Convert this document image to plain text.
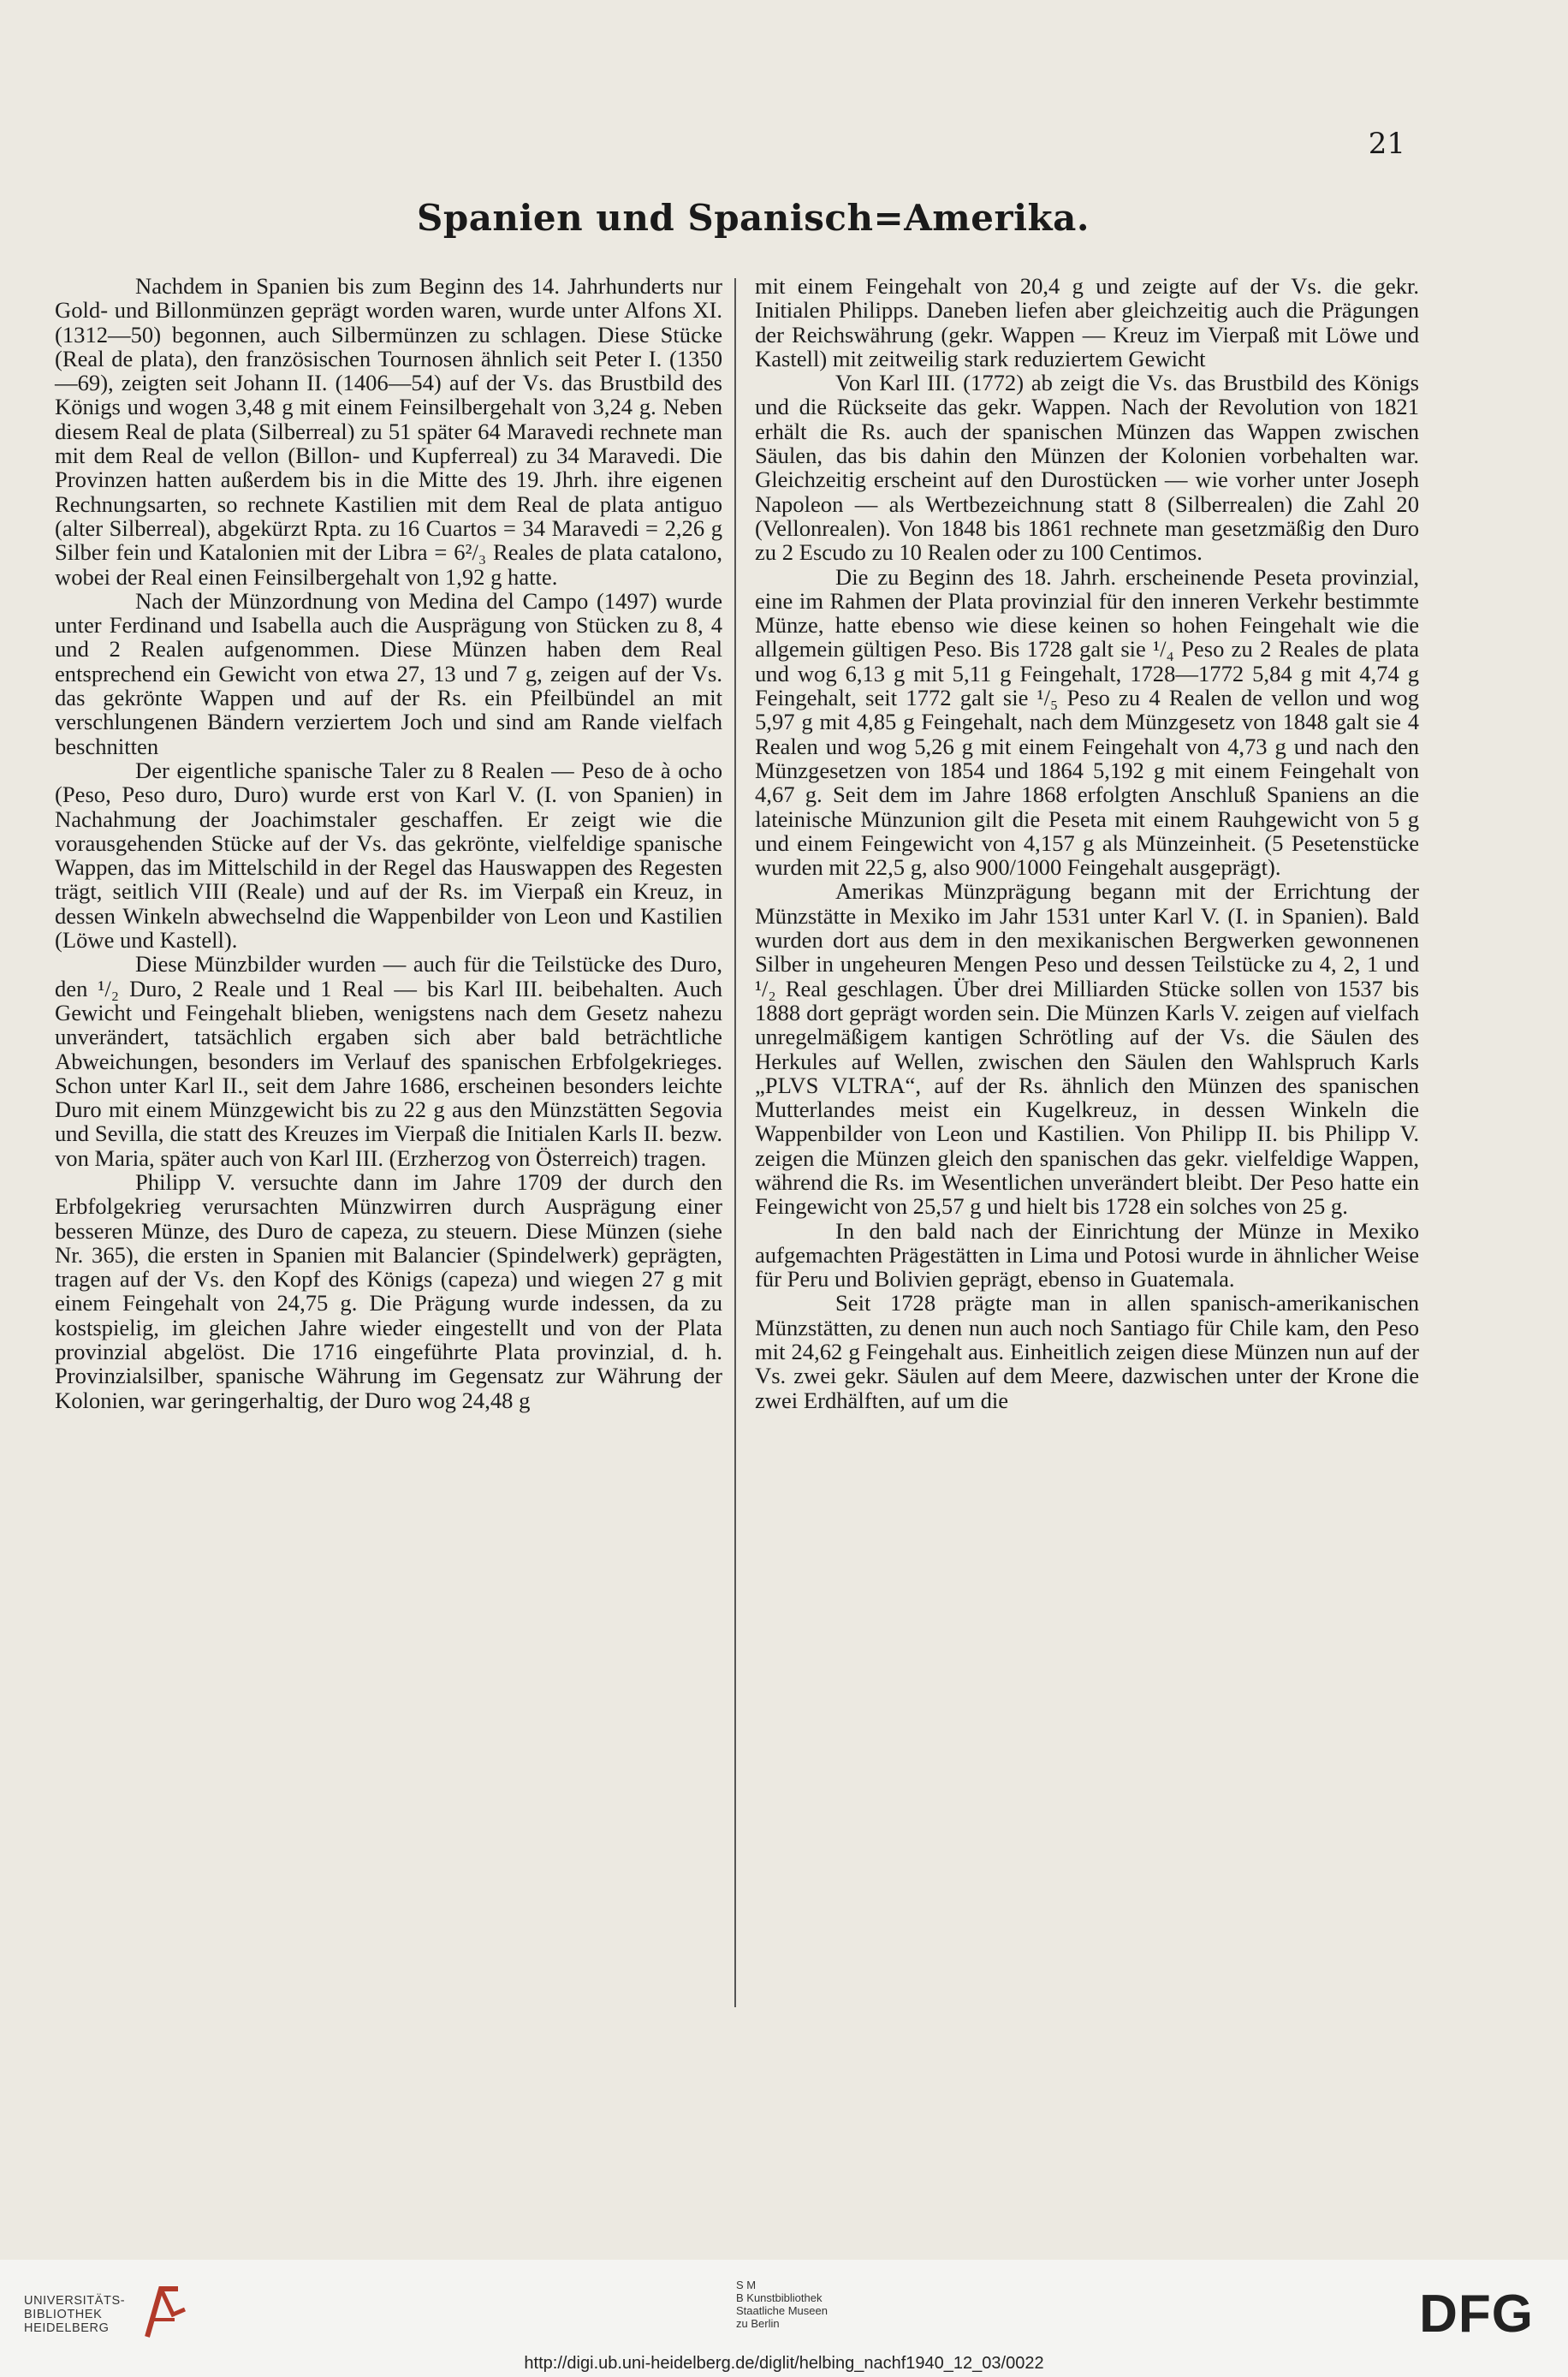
21
Spanien und Spanisch=Amerika.

Nachdem in Spanien bis zum Beginn des 14. Jahrhunderts nur Gold- und Billonmünzen geprägt worden waren, wurde unter Alfons XI. (1312—50) begonnen, auch Silbermünzen zu schlagen. Diese Stücke (Real de plata), den französischen Tournosen ähnlich seit Peter I. (1350—69), zeigten seit Johann II. (1406—54) auf der Vs. das Brustbild des Königs und wogen 3,48 g mit einem Feinsilbergehalt von 3,24 g. Neben diesem Real de plata (Silberreal) zu 51 später 64 Maravedi rechnete man mit dem Real de vellon (Billon- und Kupferreal) zu 34 Maravedi. Die Provinzen hatten außerdem bis in die Mitte des 19. Jhrh. ihre eigenen Rechnungsarten, so rechnete Kastilien mit dem Real de plata antiguo (alter Silberreal), abgekürzt Rpta. zu 16 Cuartos = 34 Maravedi = 2,26 g Silber fein und Katalonien mit der Libra = 6²/₃ Reales de plata catalono, wobei der Real einen Feinsilbergehalt von 1,92 g hatte.

Nach der Münzordnung von Medina del Campo (1497) wurde unter Ferdinand und Isabella auch die Ausprägung von Stücken zu 8, 4 und 2 Realen aufgenommen. Diese Münzen haben dem Real entsprechend ein Gewicht von etwa 27, 13 und 7 g, zeigen auf der Vs. das gekrönte Wappen und auf der Rs. ein Pfeilbündel an mit verschlungenen Bändern verziertem Joch und sind am Rande vielfach beschnitten

Der eigentliche spanische Taler zu 8 Realen — Peso de à ocho (Peso, Peso duro, Duro) wurde erst von Karl V. (I. von Spanien) in Nachahmung der Joachimstaler geschaffen. Er zeigt wie die vorausgehenden Stücke auf der Vs. das gekrönte, vielfeldige spanische Wappen, das im Mittelschild in der Regel das Hauswappen des Regesten trägt, seitlich VIII (Reale) und auf der Rs. im Vierpaß ein Kreuz, in dessen Winkeln abwechselnd die Wappenbilder von Leon und Kastilien (Löwe und Kastell).

Diese Münzbilder wurden — auch für die Teilstücke des Duro, den ¹/₂ Duro, 2 Reale und 1 Real — bis Karl III. beibehalten. Auch Gewicht und Feingehalt blieben, wenigstens nach dem Gesetz nahezu unverändert, tatsächlich ergaben sich aber bald beträchtliche Abweichungen, besonders im Verlauf des spanischen Erbfolgekrieges. Schon unter Karl II., seit dem Jahre 1686, erscheinen besonders leichte Duro mit einem Münzgewicht bis zu 22 g aus den Münzstätten Segovia und Sevilla, die statt des Kreuzes im Vierpaß die Initialen Karls II. bezw. von Maria, später auch von Karl III. (Erzherzog von Österreich) tragen.

Philipp V. versuchte dann im Jahre 1709 der durch den Erbfolgekrieg verursachten Münzwirren durch Ausprägung einer besseren Münze, des Duro de capeza, zu steuern. Diese Münzen (siehe Nr. 365), die ersten in Spanien mit Balancier (Spindelwerk) geprägten, tragen auf der Vs. den Kopf des Königs (capeza) und wiegen 27 g mit einem Feingehalt von 24,75 g. Die Prägung wurde indessen, da zu kostspielig, im gleichen Jahre wieder eingestellt und von der Plata provinzial abgelöst. Die 1716 eingeführte Plata provinzial, d. h. Provinzialsilber, spanische Währung im Gegensatz zur Währung der Kolonien, war geringerhaltig, der Duro wog 24,48 g

mit einem Feingehalt von 20,4 g und zeigte auf der Vs. die gekr. Initialen Philipps. Daneben liefen aber gleichzeitig auch die Prägungen der Reichswährung (gekr. Wappen — Kreuz im Vierpaß mit Löwe und Kastell) mit zeitweilig stark reduziertem Gewicht

Von Karl III. (1772) ab zeigt die Vs. das Brustbild des Königs und die Rückseite das gekr. Wappen. Nach der Revolution von 1821 erhält die Rs. auch der spanischen Münzen das Wappen zwischen Säulen, das bis dahin den Münzen der Kolonien vorbehalten war. Gleichzeitig erscheint auf den Durostücken — wie vorher unter Joseph Napoleon — als Wertbezeichnung statt 8 (Silberrealen) die Zahl 20 (Vellonrealen). Von 1848 bis 1861 rechnete man gesetzmäßig den Duro zu 2 Escudo zu 10 Realen oder zu 100 Centimos.

Die zu Beginn des 18. Jahrh. erscheinende Peseta provinzial, eine im Rahmen der Plata provinzial für den inneren Verkehr bestimmte Münze, hatte ebenso wie diese keinen so hohen Feingehalt wie die allgemein gültigen Peso. Bis 1728 galt sie ¹/₄ Peso zu 2 Reales de plata und wog 6,13 g mit 5,11 g Feingehalt, 1728—1772 5,84 g mit 4,74 g Feingehalt, seit 1772 galt sie ¹/₅ Peso zu 4 Realen de vellon und wog 5,97 g mit 4,85 g Feingehalt, nach dem Münzgesetz von 1848 galt sie 4 Realen und wog 5,26 g mit einem Feingehalt von 4,73 g und nach den Münzgesetzen von 1854 und 1864 5,192 g mit einem Feingehalt von 4,67 g. Seit dem im Jahre 1868 erfolgten Anschluß Spaniens an die lateinische Münzunion gilt die Peseta mit einem Rauhgewicht von 5 g und einem Feingewicht von 4,157 g als Münzeinheit. (5 Pesetenstücke wurden mit 22,5 g, also 900/1000 Feingehalt ausgeprägt).

Amerikas Münzprägung begann mit der Errichtung der Münzstätte in Mexiko im Jahr 1531 unter Karl V. (I. in Spanien). Bald wurden dort aus dem in den mexikanischen Bergwerken gewonnenen Silber in ungeheuren Mengen Peso und dessen Teilstücke zu 4, 2, 1 und ¹/₂ Real geschlagen. Über drei Milliarden Stücke sollen von 1537 bis 1888 dort geprägt worden sein. Die Münzen Karls V. zeigen auf vielfach unregelmäßigem kantigen Schrötling auf der Vs. die Säulen des Herkules auf Wellen, zwischen den Säulen den Wahlspruch Karls „PLVS VLTRA“, auf der Rs. ähnlich den Münzen des spanischen Mutterlandes meist ein Kugelkreuz, in dessen Winkeln die Wappenbilder von Leon und Kastilien. Von Philipp II. bis Philipp V. zeigen die Münzen gleich den spanischen das gekr. vielfeldige Wappen, während die Rs. im Wesentlichen unverändert bleibt. Der Peso hatte ein Feingewicht von 25,57 g und hielt bis 1728 ein solches von 25 g.

In den bald nach der Einrichtung der Münze in Mexiko aufgemachten Prägestätten in Lima und Potosi wurde in ähnlicher Weise für Peru und Bolivien geprägt, ebenso in Guatemala.

Seit 1728 prägte man in allen spanisch-amerikanischen Münzstätten, zu denen nun auch noch Santiago für Chile kam, den Peso mit 24,62 g Feingehalt aus. Einheitlich zeigen diese Münzen nun auf der Vs. zwei gekr. Säulen auf dem Meere, dazwischen unter der Krone die zwei Erdhälften, auf um die

UNIVERSITÄTS-
BIBLIOTHEK
HEIDELBERG
S M
B Kunstbibliothek
Staatliche Museen
zu Berlin	DFG
http://digi.ub.uni-heidelberg.de/diglit/helbing_nachf1940_12_03/0022
